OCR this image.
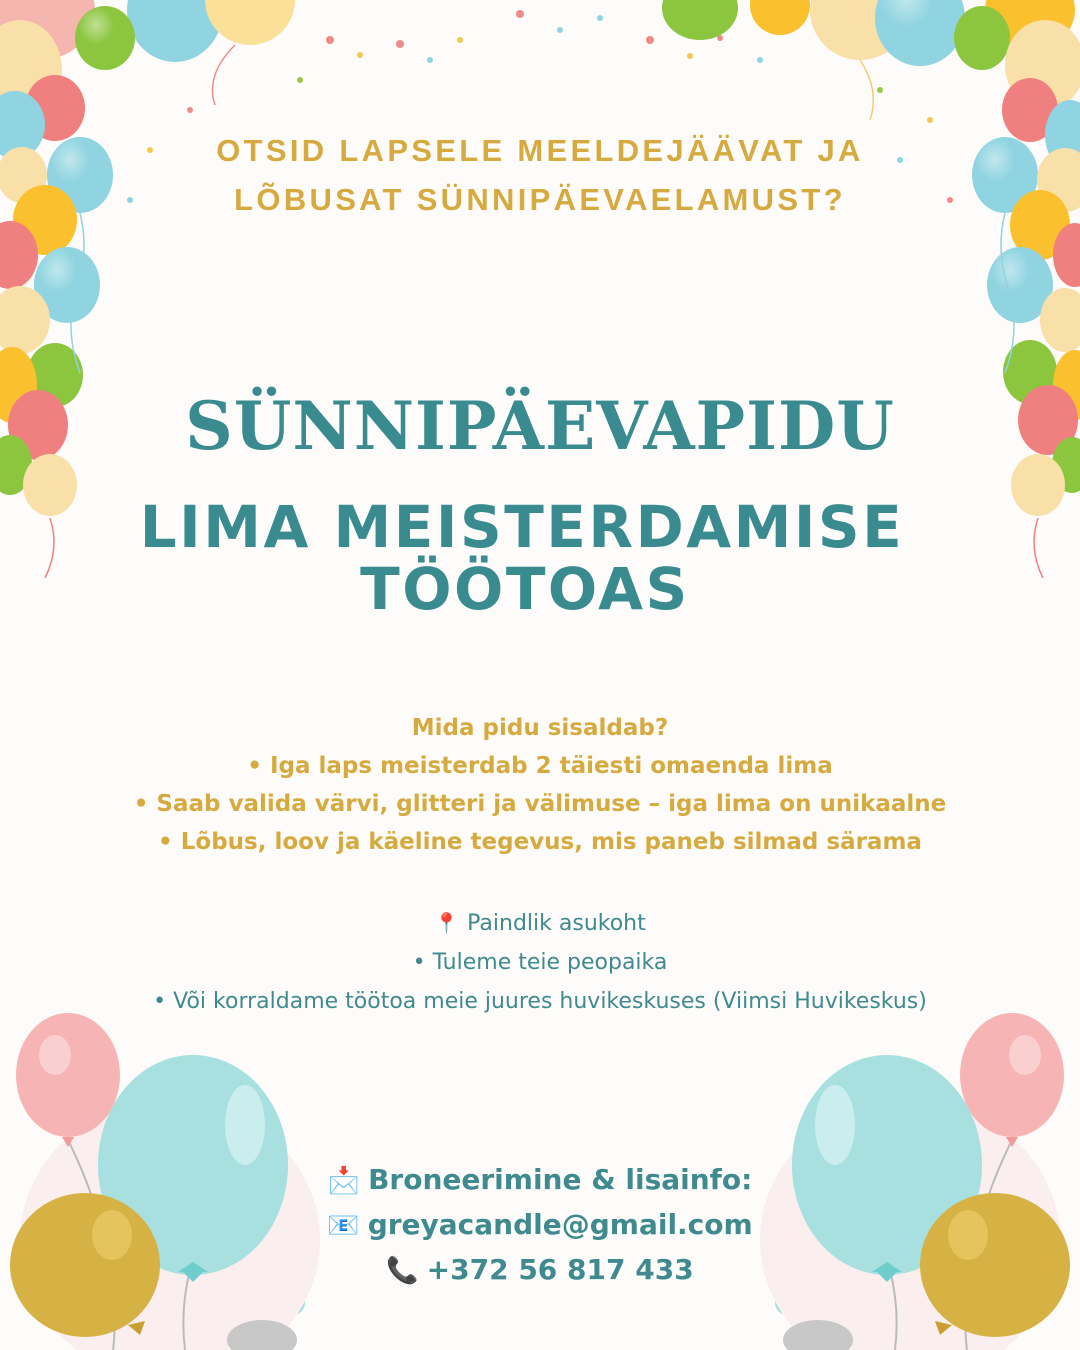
OTSID LAPSELE MEELDEJÄÄVAT JA
LÕBUSAT SÜNNIPÄEVAELAMUST?
SÜNNIPÄEVAPIDU
LIMA MEISTERDAMISE
TÖÖTOAS
Mida pidu sisaldab?
• Iga laps meisterdab 2 täiesti omaenda lima
• Saab valida värvi, glitteri ja välimuse – iga lima on unikaalne
• Lõbus, loov ja käeline tegevus, mis paneb silmad särama
📍 Paindlik asukoht
• Tuleme teie peopaika
• Või korraldame töötoa meie juures huvikeskuses (Viimsi Huvikeskus)
📩 Broneerimine & lisainfo:
📧 greyacandle@gmail.com
📞 +372 56 817 433
